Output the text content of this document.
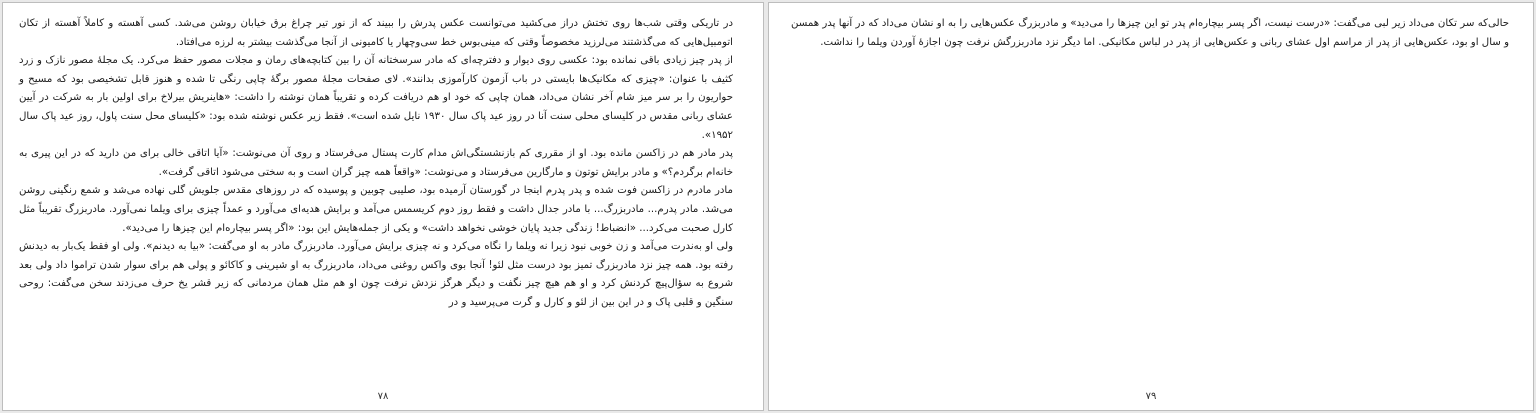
در تاریکی وقتی شب‌ها روی تختش دراز می‌کشید می‌توانست عکس پدرش را ببیند که از نور تیر چراغ برق خیابان روشن می‌شد. کسی آهسته و کاملاً آهسته از تکان اتومبیل‌هایی که می‌گذشتند می‌لرزید مخصوصاً وقتی که مینی‌بوس خط سی‌وچهار یا کامیونی از آنجا می‌گذشت بیشتر به لرزه می‌افتاد.

از پدر چیز زیادی باقی نمانده بود: عکسی روی دیوار و دفترچه‌ای که مادر سرسختانه آن را بین کتابچه‌های رمان و مجلات مصور حفظ می‌کرد. یک مجلهٔ مصور نازک و زرد کثیف با عنوان: «چیزی که مکانیک‌ها بایستی در باب آزمون کارآموزی بدانند». لای صفحات مجلهٔ مصور برگهٔ چاپی رنگی تا شده و هنوز قابل تشخیصی بود که مسیح و حواریون را بر سر میز شام آخر نشان می‌داد، همان چاپی که خود او هم دریافت کرده و تقریباً همان نوشته را داشت: «هاینریش بیرلاخ برای اولین بار به شرکت در آیین عشای ربانی مقدس در کلیسای محلی سنت آنا در روز عید پاک سال ۱۹۳۰ نایل شده است». فقط زیر عکس نوشته شده بود: «کلیسای محل سنت پاول، روز عید پاک سال ۱۹۵۲».

پدر مادر هم در زاکسن مانده بود. او از مقرری کم بازنشستگی‌اش مدام کارت پستال می‌فرستاد و روی آن می‌نوشت: «آیا اتاقی خالی برای من دارید که در این پیری به خانه‌ام برگردم؟» و مادر برایش توتون و مارگارین می‌فرستاد و می‌نوشت: «واقعاً همه چیز گران است و به سختی می‌شود اتاقی گرفت».

مادر مادرم در زاکسن فوت شده و پدر پدرم اینجا در گورستان آرمیده بود، صلیبی چوبین و پوسیده که در روزهای مقدس جلویش گلی نهاده می‌شد و شمع رنگینی روشن می‌شد. مادر پدرم... مادربزرگ... با مادر جدال داشت و فقط روز دوم کریسمس می‌آمد و برایش هدیه‌ای می‌آورد و عمداً چیزی برای ویلما نمی‌آورد. مادربزرگ تقریباً مثل کارل صحبت می‌کرد... «انضباط! زندگی جدید پایان خوشی نخواهد داشت» و یکی از جمله‌هایش این بود: «اگر پسر بیچاره‌ام این چیزها را می‌دید».

ولی او به‌ندرت می‌آمد و زن خوبی نبود زیرا نه ویلما را نگاه می‌کرد و نه چیزی برایش می‌آورد. مادربزرگ مادر به او می‌گفت: «بیا به دیدنم». ولی او فقط یک‌بار به دیدنش رفته بود. همه چیز نزد مادربزرگ تمیز بود درست مثل لئو! آنجا بوی واکس روغنی می‌داد، مادربزرگ به او شیرینی و کاکائو و پولی هم برای سوار شدن تراموا داد ولی بعد شروع به سؤال‌پیچ کردنش کرد و او هم هیچ چیز نگفت و دیگر هرگز نزدش نرفت چون او هم مثل همان مردمانی که زیر قشر یخ حرف می‌زدند سخن می‌گفت: روحی سنگین و قلبی پاک و در این بین از لئو و کارل و گرت می‌پرسید و در

۷۸

حالی‌که سر تکان می‌داد زیر لبی می‌گفت: «درست نیست، اگر پسر بیچاره‌ام پدر تو این چیزها را می‌دید» و مادربزرگ عکس‌هایی را به او نشان می‌داد که در آنها پدر همسن و سال او بود، عکس‌هایی از پدر از مراسم اول عشای ربانی و عکس‌هایی از پدر در لباس مکانیکی. اما دیگر نزد مادربزرگش نرفت چون اجازهٔ آوردن ویلما را نداشت.

۷۹
